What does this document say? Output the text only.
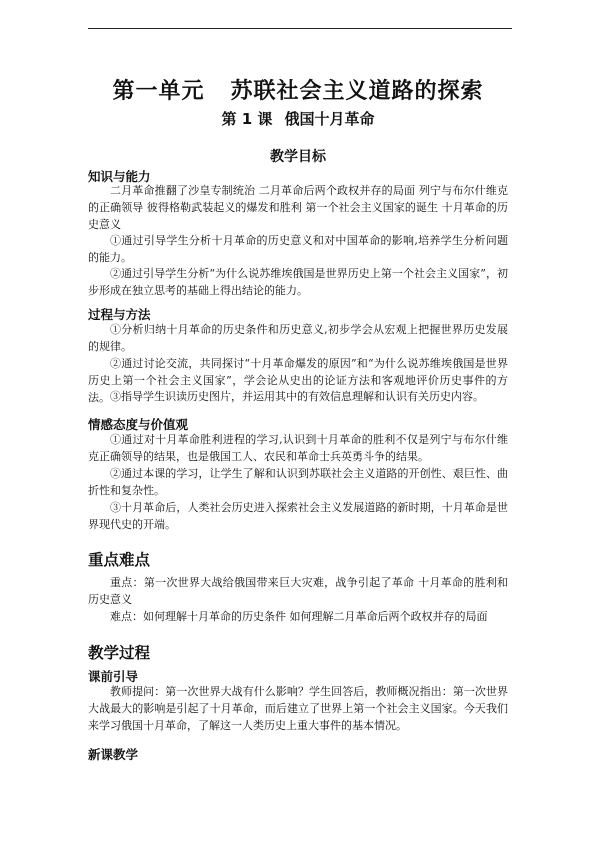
第一单元 苏联社会主义道路的探索
第 1 课 俄国十月革命
教学目标
知识与能力
二月革命推翻了沙皇专制统治 二月革命后两个政权并存的局面 列宁与布尔什维克的正确领导 彼得格勒武装起义的爆发和胜利 第一个社会主义国家的诞生 十月革命的历史意义
①通过引导学生分析十月革命的历史意义和对中国革命的影响,培养学生分析问题的能力。
②通过引导学生分析“为什么说苏维埃俄国是世界历史上第一个社会主义国家”，初步形成在独立思考的基础上得出结论的能力。
过程与方法
①分析归纳十月革命的历史条件和历史意义,初步学会从宏观上把握世界历史发展的规律。
②通过讨论交流，共同探讨“十月革命爆发的原因”和“为什么说苏维埃俄国是世界历史上第一个社会主义国家”，学会论从史出的论证方法和客观地评价历史事件的方法。 ③指导学生识读历史图片，并运用其中的有效信息理解和认识有关历史内容。
情感态度与价值观
①通过对十月革命胜利进程的学习,认识到十月革命的胜利不仅是列宁与布尔什维克正确领导的结果，也是俄国工人、农民和革命士兵英勇斗争的结果。
②通过本课的学习，让学生了解和认识到苏联社会主义道路的开创性、艰巨性、曲折性和复杂性。
③十月革命后，人类社会历史进入探索社会主义发展道路的新时期，十月革命是世界现代史的开端。
重点难点
重点：第一次世界大战给俄国带来巨大灾难，战争引起了革命 十月革命的胜利和历史意义
难点：如何理解十月革命的历史条件 如何理解二月革命后两个政权并存的局面
教学过程
课前引导
教师提问：第一次世界大战有什么影响？学生回答后，教师概况指出：第一次世界大战最大的影响是引起了十月革命，而后建立了世界上第一个社会主义国家。今天我们来学习俄国十月革命，了解这一人类历史上重大事件的基本情况。
新课教学
